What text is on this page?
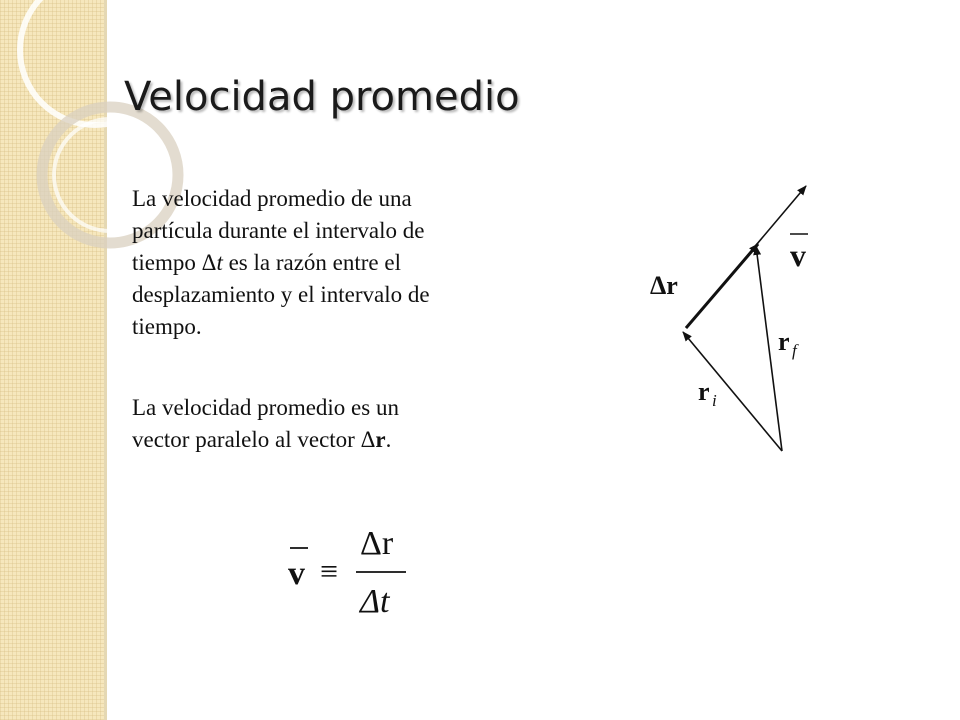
Velocidad promedio

La velocidad promedio de una
partícula durante el intervalo de
tiempo Δt es la razón entre el
desplazamiento y el intervalo de
tiempo.

La velocidad promedio es un
vector paralelo al vector Δr.

v
Δr
r f
r i
v ≡
Δr
Δt
